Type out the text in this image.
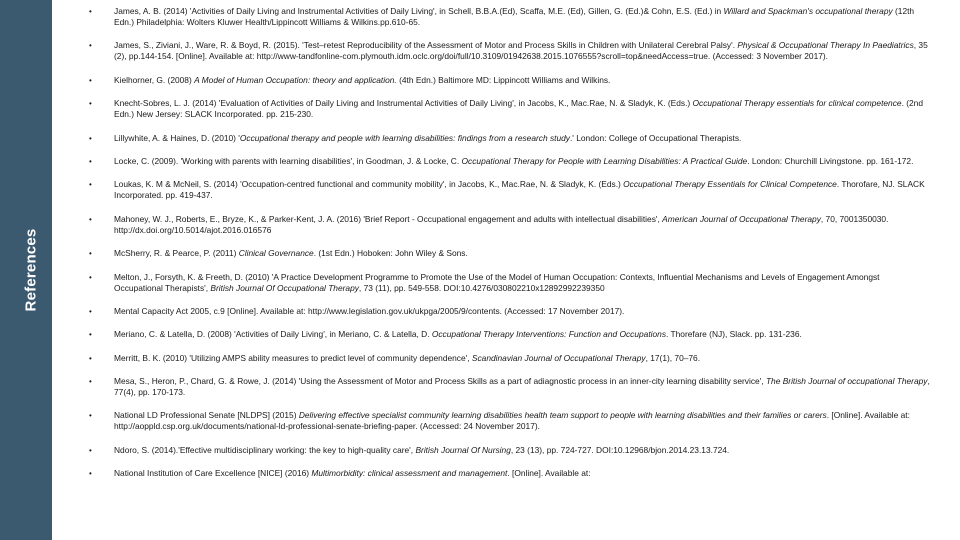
References
•	James, A. B. (2014) 'Activities of Daily Living and Instrumental Activities of Daily Living', in Schell, B.B.A.(Ed), Scaffa, M.E. (Ed), Gillen, G. (Ed.)& Cohn, E.S. (Ed.) in Willard and Spackman's occupational therapy (12th Edn.) Philadelphia: Wolters Kluwer Health/Lippincott Williams & Wilkins.pp.610-65.
•	James, S., Ziviani, J., Ware, R. & Boyd, R. (2015). 'Test–retest Reproducibility of the Assessment of Motor and Process Skills in Children with Unilateral Cerebral Palsy'. Physical & Occupational Therapy In Paediatrics, 35 (2), pp.144-154. [Online]. Available at: http://www-tandfonline-com.plymouth.idm.oclc.org/doi/full/10.3109/01942638.2015.1076555?scroll=top&needAccess=true. (Accessed: 3 November 2017).
•	Kielhorner, G. (2008) A Model of Human Occupation: theory and application. (4th Edn.) Baltimore MD: Lippincott Williams and Wilkins.
•	Knecht-Sobres, L. J. (2014) 'Evaluation of Activities of Daily Living and Instrumental Activities of Daily Living', in Jacobs, K., Mac.Rae, N. & Sladyk, K. (Eds.) Occupational Therapy essentials for clinical competence. (2nd Edn.) New Jersey: SLACK Incorporated. pp. 215-230.
•	Lillywhite, A. & Haines, D. (2010) 'Occupational therapy and people with learning disabilities: findings from a research study.' London: College of Occupational Therapists.
•	Locke, C. (2009). 'Working with parents with learning disabilities', in Goodman, J. & Locke, C. Occupational Therapy for People with Learning Disabilities: A Practical Guide. London: Churchill Livingstone. pp. 161-172.
•	Loukas, K. M & McNeil, S. (2014) 'Occupation-centred functional and community mobility', in Jacobs, K., Mac.Rae, N. & Sladyk, K. (Eds.) Occupational Therapy Essentials for Clinical Competence. Thorofare, NJ. SLACK Incorporated. pp. 419-437.
•	Mahoney, W. J., Roberts, E., Bryze, K., & Parker-Kent, J. A. (2016) 'Brief Report - Occupational engagement and adults with intellectual disabilities', American Journal of Occupational Therapy, 70, 7001350030. http://dx.doi.org/10.5014/ajot.2016.016576
•	McSherry, R. & Pearce, P. (2011) Clinical Governance. (1st Edn.) Hoboken: John Wiley & Sons.
•	Melton, J., Forsyth, K. & Freeth, D. (2010) 'A Practice Development Programme to Promote the Use of the Model of Human Occupation: Contexts, Influential Mechanisms and Levels of Engagement Amongst Occupational Therapists', British Journal Of Occupational Therapy, 73 (11), pp. 549-558. DOI:10.4276/030802210x12892992239350
•	Mental Capacity Act 2005, c.9 [Online]. Available at: http://www.legislation.gov.uk/ukpga/2005/9/contents. (Accessed: 17 November 2017).
•	Meriano, C. & Latella, D. (2008) 'Activities of Daily Living', in Meriano, C. & Latella, D. Occupational Therapy Interventions: Function and Occupations. Thorefare (NJ), Slack. pp. 131-236.
•	Merritt, B. K. (2010) 'Utilizing AMPS ability measures to predict level of community dependence', Scandinavian Journal of Occupational Therapy, 17(1), 70–76.
•	Mesa, S., Heron, P., Chard, G. & Rowe, J. (2014) 'Using the Assessment of Motor and Process Skills as a part of adiagnostic process in an inner-city learning disability service', The British Journal of occupational Therapy, 77(4), pp. 170-173.
•	National LD Professional Senate [NLDPS] (2015) Delivering effective specialist community learning disabilities health team support to people with learning disabilities and their families or carers. [Online]. Available at: http://aoppld.csp.org.uk/documents/national-ld-professional-senate-briefing-paper. (Accessed: 24 November 2017).
•	Ndoro, S. (2014).'Effective multidisciplinary working: the key to high-quality care', British Journal Of Nursing, 23 (13), pp. 724-727. DOI:10.12968/bjon.2014.23.13.724.
•	National Institution of Care Excellence [NICE] (2016) Multimorbidity: clinical assessment and management. [Online]. Available at:
